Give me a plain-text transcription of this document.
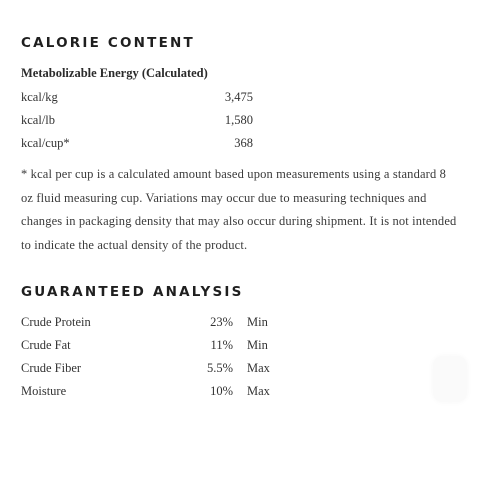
CALORIE CONTENT
Metabolizable Energy (Calculated)
kcal/kg	3,475
kcal/lb	1,580
kcal/cup*	368

* kcal per cup is a calculated amount based upon measurements using a standard 8 oz fluid measuring cup. Variations may occur due to measuring techniques and changes in packaging density that may also occur during shipment. It is not intended to indicate the actual density of the product.

GUARANTEED ANALYSIS
Crude Protein	23% Min
Crude Fat	11% Min
Crude Fiber	5.5% Max
Moisture	10% Max
